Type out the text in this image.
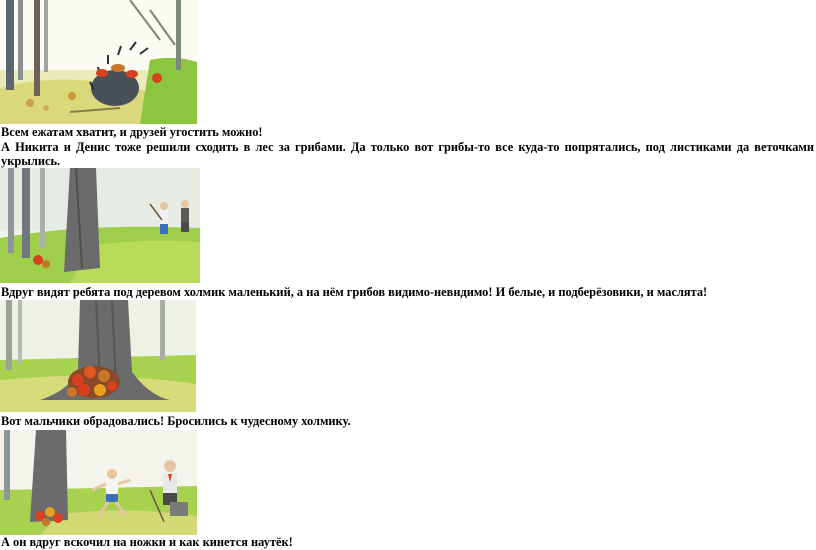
Всем ежатам хватит, и друзей угостить можно!

А Никита и Денис тоже решили сходить в лес за грибами. Да только вот грибы-то все куда-то попрятались, под листиками да веточками укрылись.

Вдруг видят ребята под деревом холмик маленький, а на нём грибов видимо-невидимо! И белые, и подберёзовики, и маслята!

Вот мальчики обрадовались! Бросились к чудесному холмику.

А он вдруг вскочил на ножки и как кинется наутёк!
